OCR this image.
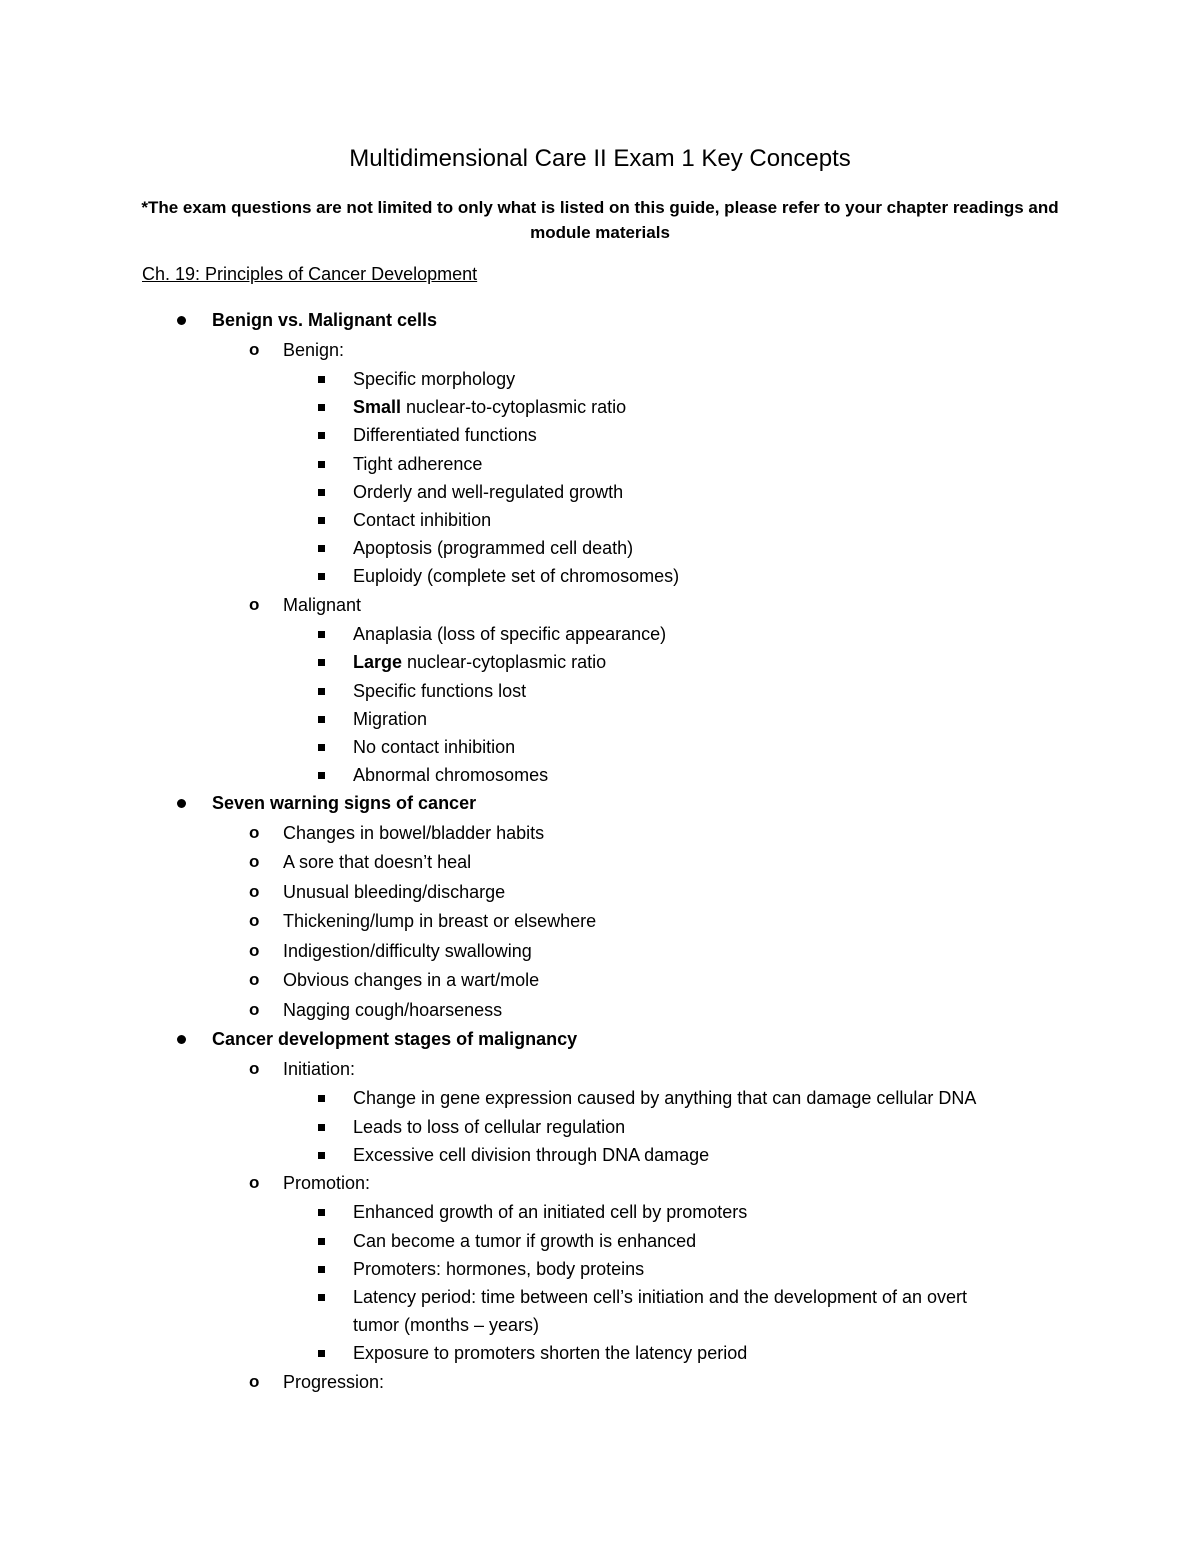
Multidimensional Care II Exam 1 Key Concepts
*The exam questions are not limited to only what is listed on this guide, please refer to your chapter readings and
module materials
Ch. 19: Principles of Cancer Development
Benign vs. Malignant cells
o Benign:
Specific morphology
Small nuclear-to-cytoplasmic ratio
Differentiated functions
Tight adherence
Orderly and well-regulated growth
Contact inhibition
Apoptosis (programmed cell death)
Euploidy (complete set of chromosomes)
o Malignant
Anaplasia (loss of specific appearance)
Large nuclear-cytoplasmic ratio
Specific functions lost
Migration
No contact inhibition
Abnormal chromosomes
Seven warning signs of cancer
o Changes in bowel/bladder habits
o A sore that doesn’t heal
o Unusual bleeding/discharge
o Thickening/lump in breast or elsewhere
o Indigestion/difficulty swallowing
o Obvious changes in a wart/mole
o Nagging cough/hoarseness
Cancer development stages of malignancy
o Initiation:
Change in gene expression caused by anything that can damage cellular DNA
Leads to loss of cellular regulation
Excessive cell division through DNA damage
o Promotion:
Enhanced growth of an initiated cell by promoters
Can become a tumor if growth is enhanced
Promoters: hormones, body proteins
Latency period: time between cell’s initiation and the development of an overt
tumor (months – years)
Exposure to promoters shorten the latency period
o Progression:
